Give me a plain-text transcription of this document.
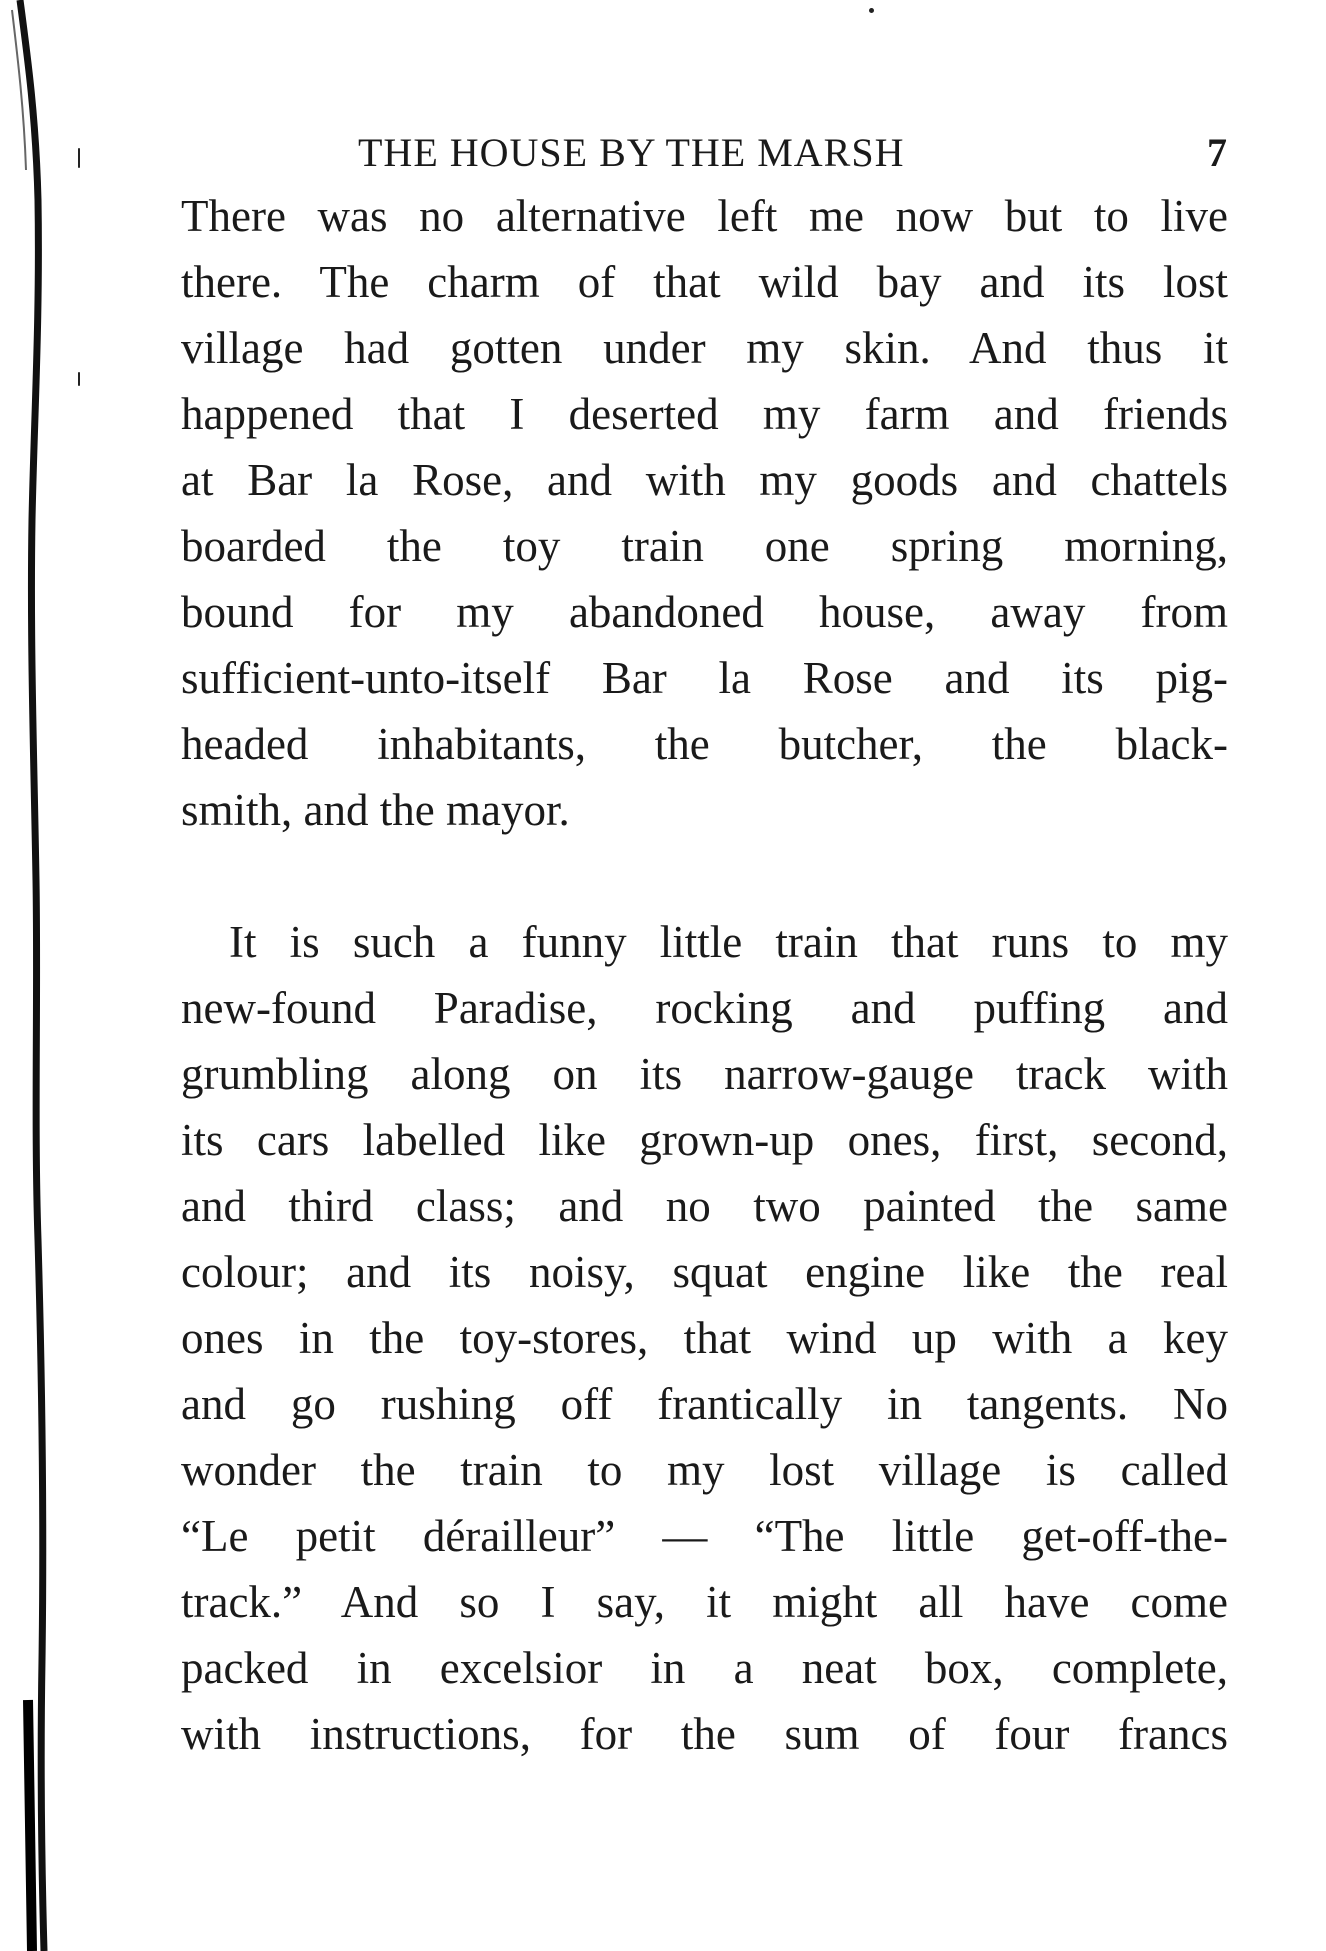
THE HOUSE BY THE MARSH	7
There was no alternative left me now but to live
there. The charm of that wild bay and its lost
village had gotten under my skin. And thus it
happened that I deserted my farm and friends
at Bar la Rose, and with my goods and chattels
boarded the toy train one spring morning,
bound for my abandoned house, away from
sufficient-unto-itself Bar la Rose and its pig-
headed inhabitants, the butcher, the black-
smith, and the mayor.
It is such a funny little train that runs to my
new-found Paradise, rocking and puffing and
grumbling along on its narrow-gauge track with
its cars labelled like grown-up ones, first, second,
and third class; and no two painted the same
colour; and its noisy, squat engine like the real
ones in the toy-stores, that wind up with a key
and go rushing off frantically in tangents. No
wonder the train to my lost village is called
“Le petit dérailleur” — “The little get-off-the-
track.” And so I say, it might all have come
packed in excelsior in a neat box, complete,
with instructions, for the sum of four francs
